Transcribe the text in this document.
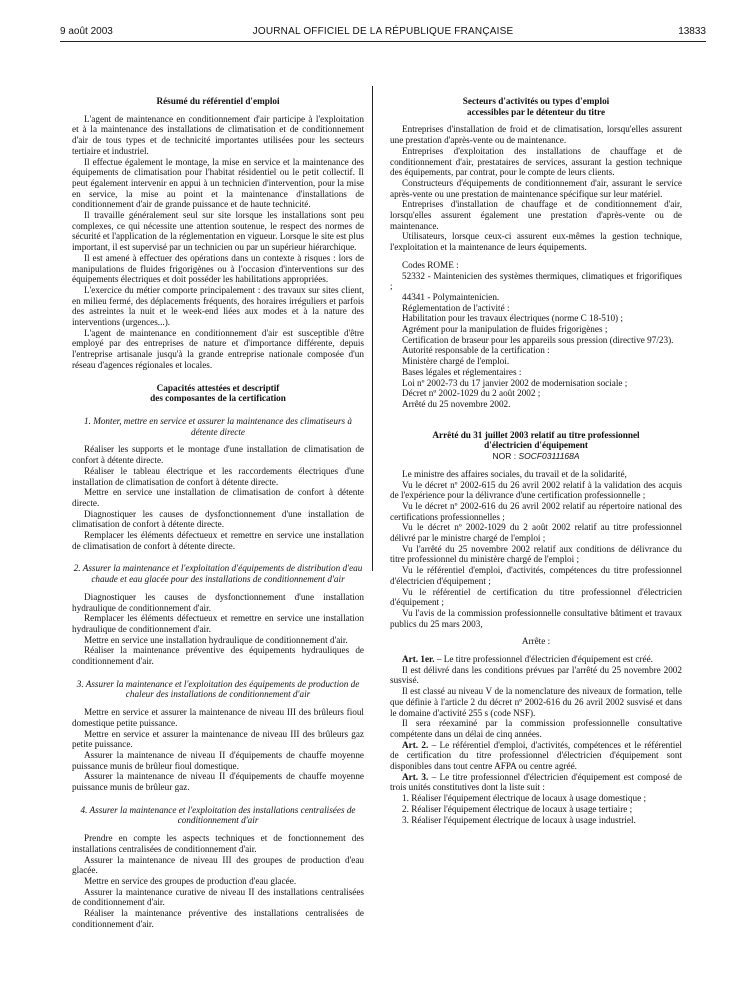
9 août 2003	JOURNAL OFFICIEL DE LA RÉPUBLIQUE FRANÇAISE	13833

Résumé du référentiel d'emploi

L'agent de maintenance en conditionnement d'air participe à l'exploitation et à la maintenance des installations de climatisation et de conditionnement d'air de tous types et de technicité importantes utilisées pour les secteurs tertiaire et industriel.

Il effectue également le montage, la mise en service et la maintenance des équipements de climatisation pour l'habitat résidentiel ou le petit collectif. Il peut également intervenir en appui à un technicien d'intervention, pour la mise en service, la mise au point et la maintenance d'installations de conditionnement d'air de grande puissance et de haute technicité.

Il travaille généralement seul sur site lorsque les installations sont peu complexes, ce qui nécessite une attention soutenue, le respect des normes de sécurité et l'application de la réglementation en vigueur. Lorsque le site est plus important, il est supervisé par un technicien ou par un supérieur hiérarchique.

Il est amené à effectuer des opérations dans un contexte à risques : lors de manipulations de fluides frigorigènes ou à l'occasion d'interventions sur des équipements électriques et doit posséder les habilitations appropriées.

L'exercice du métier comporte principalement : des travaux sur sites client, en milieu fermé, des déplacements fréquents, des horaires irréguliers et parfois des astreintes la nuit et le week-end liées aux modes et à la nature des interventions (urgences...).

L'agent de maintenance en conditionnement d'air est susceptible d'être employé par des entreprises de nature et d'importance différente, depuis l'entreprise artisanale jusqu'à la grande entreprise nationale composée d'un réseau d'agences régionales et locales.

Capacités attestées et descriptif

des composantes de la certification

1. Monter, mettre en service et assurer la maintenance des climatiseurs à détente directe

Réaliser les supports et le montage d'une installation de climatisation de confort à détente directe.

Réaliser le tableau électrique et les raccordements électriques d'une installation de climatisation de confort à détente directe.

Mettre en service une installation de climatisation de confort à détente directe.

Diagnostiquer les causes de dysfonctionnement d'une installation de climatisation de confort à détente directe.

Remplacer les éléments défectueux et remettre en service une installation de climatisation de confort à détente directe.

2. Assurer la maintenance et l'exploitation d'équipements de distribution d'eau chaude et eau glacée pour des installations de conditionnement d'air

Diagnostiquer les causes de dysfonctionnement d'une installation hydraulique de conditionnement d'air.

Remplacer les éléments défectueux et remettre en service une installation hydraulique de conditionnement d'air.

Mettre en service une installation hydraulique de conditionnement d'air.

Réaliser la maintenance préventive des équipements hydrauliques de conditionnement d'air.

3. Assurer la maintenance et l'exploitation des équipements de production de chaleur des installations de conditionnement d'air

Mettre en service et assurer la maintenance de niveau III des brûleurs fioul domestique petite puissance.

Mettre en service et assurer la maintenance de niveau III des brûleurs gaz petite puissance.

Assurer la maintenance de niveau II d'équipements de chauffe moyenne puissance munis de brûleur fioul domestique.

Assurer la maintenance de niveau II d'équipements de chauffe moyenne puissance munis de brûleur gaz.

4. Assurer la maintenance et l'exploitation des installations centralisées de conditionnement d'air

Prendre en compte les aspects techniques et de fonctionnement des installations centralisées de conditionnement d'air.

Assurer la maintenance de niveau III des groupes de production d'eau glacée.

Mettre en service des groupes de production d'eau glacée.

Assurer la maintenance curative de niveau II des installations centralisées de conditionnement d'air.

Réaliser la maintenance préventive des installations centralisées de conditionnement d'air.

Secteurs d'activités ou types d'emploi

accessibles par le détenteur du titre

Entreprises d'installation de froid et de climatisation, lorsqu'elles assurent une prestation d'après-vente ou de maintenance.

Entreprises d'exploitation des installations de chauffage et de conditionnement d'air, prestataires de services, assurant la gestion technique des équipements, par contrat, pour le compte de leurs clients.

Constructeurs d'équipements de conditionnement d'air, assurant le service après-vente ou une prestation de maintenance spécifique sur leur matériel.

Entreprises d'installation de chauffage et de conditionnement d'air, lorsqu'elles assurent également une prestation d'après-vente ou de maintenance.

Utilisateurs, lorsque ceux-ci assurent eux-mêmes la gestion technique, l'exploitation et la maintenance de leurs équipements.

Codes ROME :

52332 - Maintenicien des systèmes thermiques, climatiques et frigorifiques ;

44341 - Polymaintenicien.

Réglementation de l'activité :

Habilitation pour les travaux électriques (norme C 18-510) ;

Agrément pour la manipulation de fluides frigorigènes ;

Certification de braseur pour les appareils sous pression (directive 97/23).

Autorité responsable de la certification :

Ministère chargé de l'emploi.

Bases légales et réglementaires :

Loi nº 2002-73 du 17 janvier 2002 de modernisation sociale ;

Décret nº 2002-1029 du 2 août 2002 ;

Arrêté du 25 novembre 2002.

Arrêté du 31 juillet 2003 relatif au titre professionnel

d'électricien d'équipement

NOR : SOCF0311168A

Le ministre des affaires sociales, du travail et de la solidarité,

Vu le décret nº 2002-615 du 26 avril 2002 relatif à la validation des acquis de l'expérience pour la délivrance d'une certification professionnelle ;

Vu le décret nº 2002-616 du 26 avril 2002 relatif au répertoire national des certifications professionnelles ;

Vu le décret nº 2002-1029 du 2 août 2002 relatif au titre professionnel délivré par le ministre chargé de l'emploi ;

Vu l'arrêté du 25 novembre 2002 relatif aux conditions de délivrance du titre professionnel du ministère chargé de l'emploi ;

Vu le référentiel d'emploi, d'activités, compétences du titre professionnel d'électricien d'équipement ;

Vu le référentiel de certification du titre professionnel d'électricien d'équipement ;

Vu l'avis de la commission professionnelle consultative bâtiment et travaux publics du 25 mars 2003,

Arrête :

Art. 1er. – Le titre professionnel d'électricien d'équipement est créé.

Il est délivré dans les conditions prévues par l'arrêté du 25 novembre 2002 susvisé.

Il est classé au niveau V de la nomenclature des niveaux de formation, telle que définie à l'article 2 du décret nº 2002-616 du 26 avril 2002 susvisé et dans le domaine d'activité 255 s (code NSF).

Il sera réexaminé par la commission professionnelle consultative compétente dans un délai de cinq années.

Art. 2. – Le référentiel d'emploi, d'activités, compétences et le référentiel de certification du titre professionnel d'électricien d'équipement sont disponibles dans tout centre AFPA ou centre agréé.

Art. 3. – Le titre professionnel d'électricien d'équipement est composé de trois unités constitutives dont la liste suit :

1. Réaliser l'équipement électrique de locaux à usage domestique ;

2. Réaliser l'équipement électrique de locaux à usage tertiaire ;

3. Réaliser l'équipement électrique de locaux à usage industriel.
